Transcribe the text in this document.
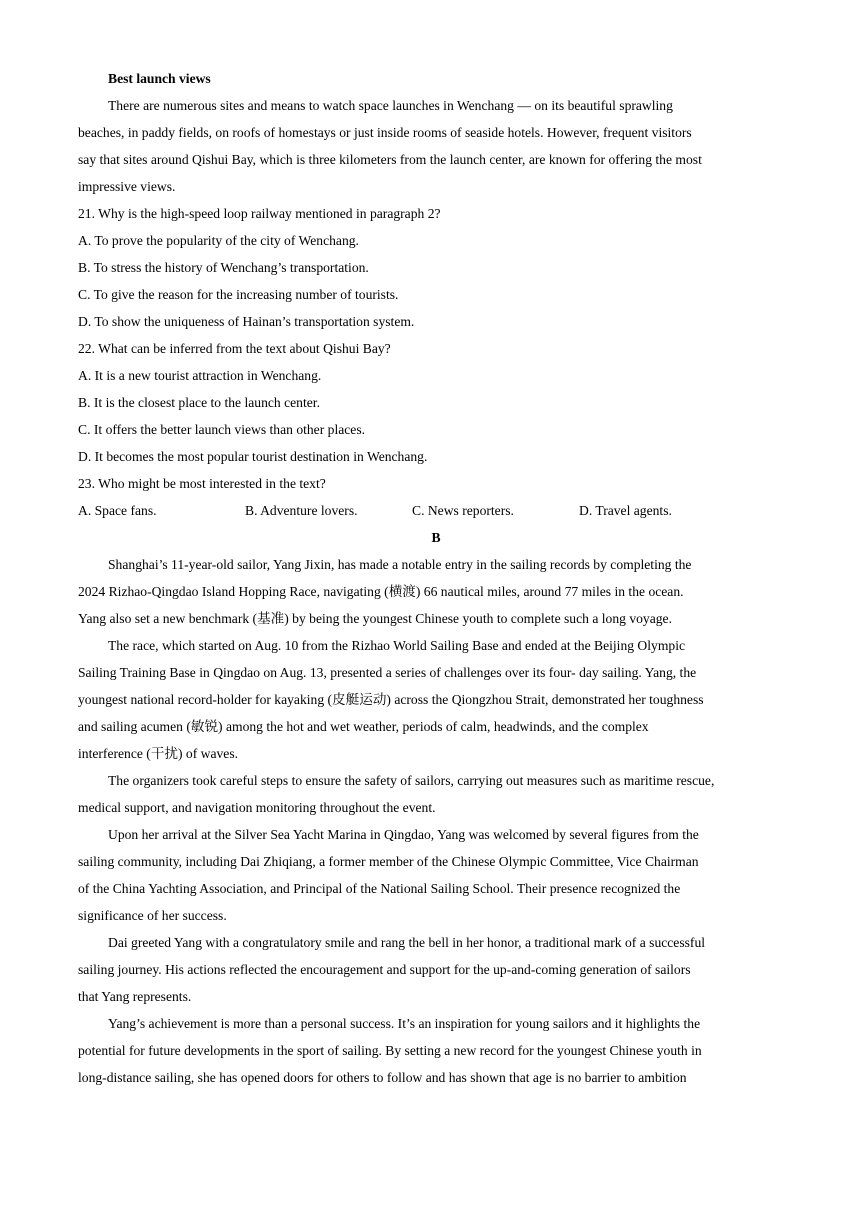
Best launch views
There are numerous sites and means to watch space launches in Wenchang — on its beautiful sprawling
beaches, in paddy fields, on roofs of homestays or just inside rooms of seaside hotels. However, frequent visitors
say that sites around Qishui Bay, which is three kilometers from the launch center, are known for offering the most
impressive views.
21. Why is the high-speed loop railway mentioned in paragraph 2?
A. To prove the popularity of the city of Wenchang.
B. To stress the history of Wenchang’s transportation.
C. To give the reason for the increasing number of tourists.
D. To show the uniqueness of Hainan’s transportation system.
22. What can be inferred from the text about Qishui Bay?
A. It is a new tourist attraction in Wenchang.
B. It is the closest place to the launch center.
C. It offers the better launch views than other places.
D. It becomes the most popular tourist destination in Wenchang.
23. Who might be most interested in the text?
A. Space fans.	B. Adventure lovers.	C. News reporters.	D. Travel agents.
B
Shanghai’s 11-year-old sailor, Yang Jixin, has made a notable entry in the sailing records by completing the
2024 Rizhao-Qingdao Island Hopping Race, navigating (横渡) 66 nautical miles, around 77 miles in the ocean.
Yang also set a new benchmark (基准) by being the youngest Chinese youth to complete such a long voyage.
The race, which started on Aug. 10 from the Rizhao World Sailing Base and ended at the Beijing Olympic
Sailing Training Base in Qingdao on Aug. 13, presented a series of challenges over its four- day sailing. Yang, the
youngest national record-holder for kayaking (皮艇运动) across the Qiongzhou Strait, demonstrated her toughness
and sailing acumen (敏锐) among the hot and wet weather, periods of calm, headwinds, and the complex
interference (干扰) of waves.
The organizers took careful steps to ensure the safety of sailors, carrying out measures such as maritime rescue,
medical support, and navigation monitoring throughout the event.
Upon her arrival at the Silver Sea Yacht Marina in Qingdao, Yang was welcomed by several figures from the
sailing community, including Dai Zhiqiang, a former member of the Chinese Olympic Committee, Vice Chairman
of the China Yachting Association, and Principal of the National Sailing School. Their presence recognized the
significance of her success.
Dai greeted Yang with a congratulatory smile and rang the bell in her honor, a traditional mark of a successful
sailing journey. His actions reflected the encouragement and support for the up-and-coming generation of sailors
that Yang represents.
Yang’s achievement is more than a personal success. It’s an inspiration for young sailors and it highlights the
potential for future developments in the sport of sailing. By setting a new record for the youngest Chinese youth in
long-distance sailing, she has opened doors for others to follow and has shown that age is no barrier to ambition
